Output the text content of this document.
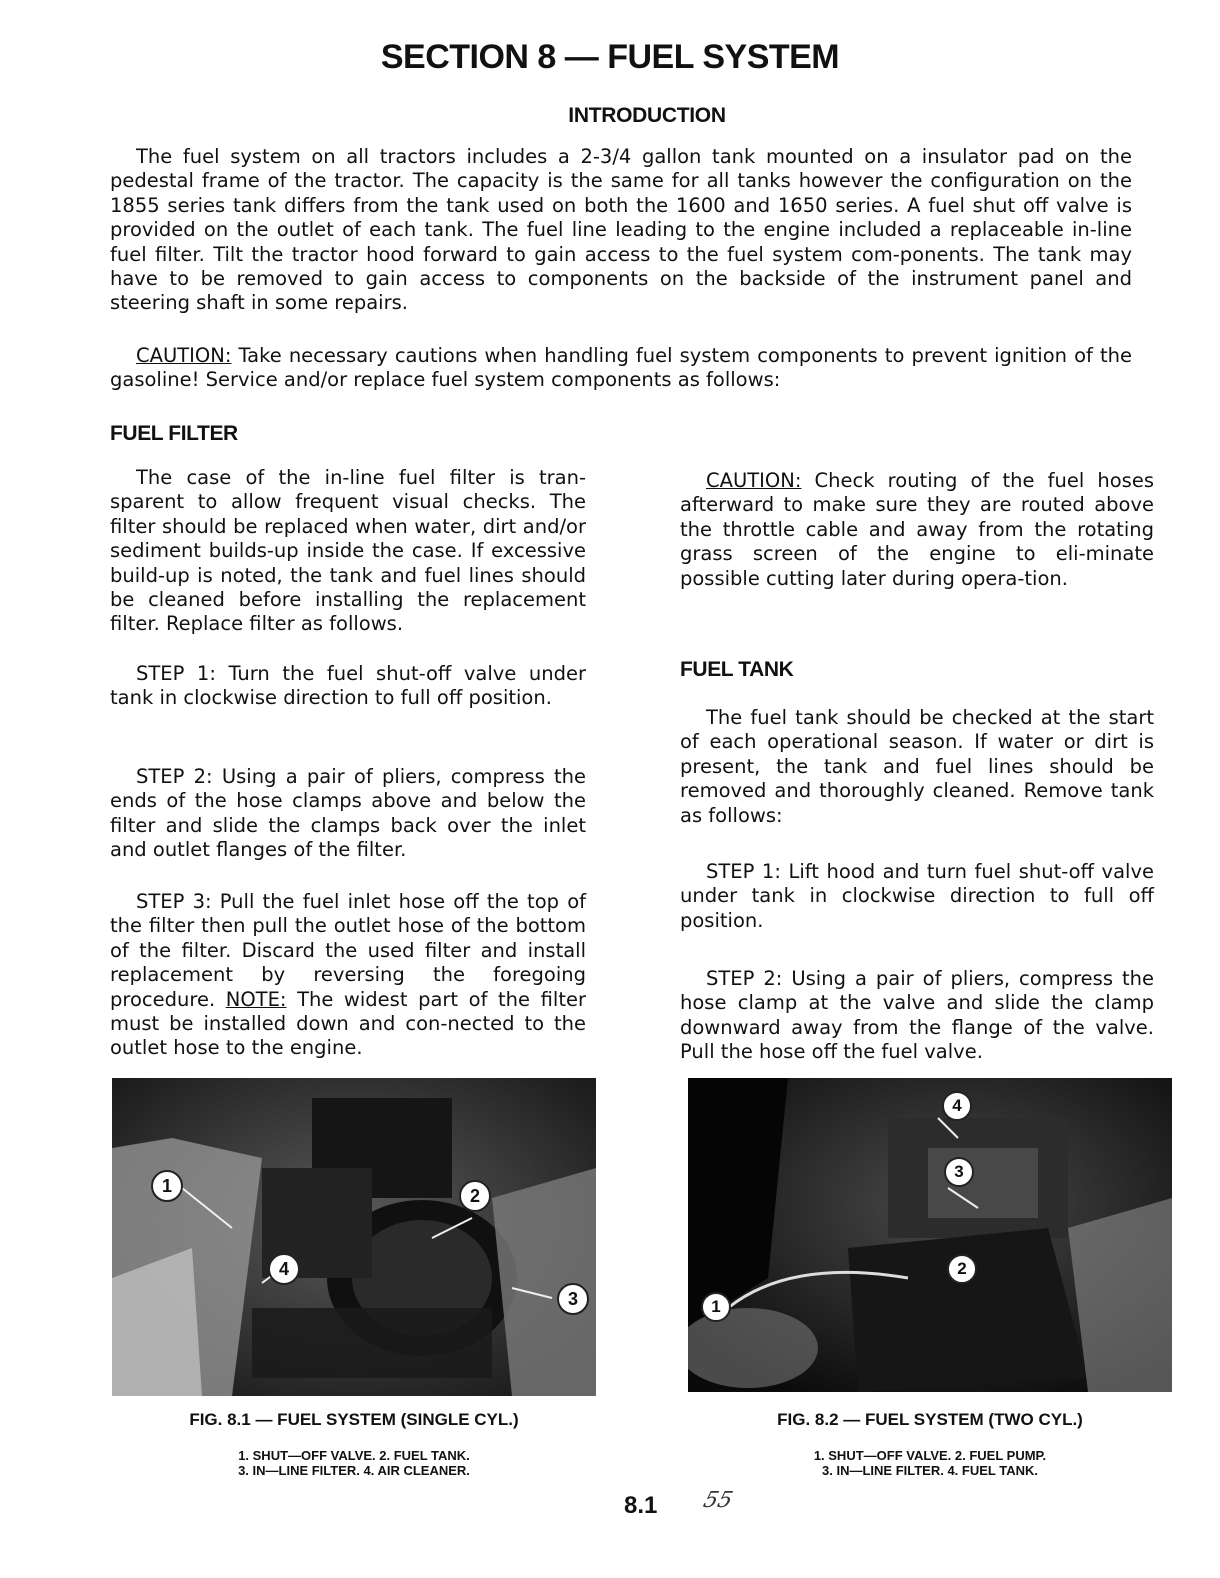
SECTION 8 — FUEL SYSTEM
INTRODUCTION

The fuel system on all tractors includes a 2-3/4 gallon tank mounted on a insulator pad on the pedestal frame of the tractor. The capacity is the same for all tanks however the configuration on the 1855 series tank differs from the tank used on both the 1600 and 1650 series. A fuel shut off valve is provided on the outlet of each tank. The fuel line leading to the engine included a replaceable in-line fuel filter. Tilt the tractor hood forward to gain access to the fuel system com-ponents. The tank may have to be removed to gain access to components on the backside of the instrument panel and steering shaft in some repairs.

CAUTION: Take necessary cautions when handling fuel system components to prevent ignition of the gasoline! Service and/or replace fuel system components as follows:

FUEL FILTER

The case of the in-line fuel filter is tran-sparent to allow frequent visual checks. The filter should be replaced when water, dirt and/or sediment builds-up inside the case. If excessive build-up is noted, the tank and fuel lines should be cleaned before installing the replacement filter. Replace filter as follows.

STEP 1: Turn the fuel shut-off valve under tank in clockwise direction to full off position.

STEP 2: Using a pair of pliers, compress the ends of the hose clamps above and below the filter and slide the clamps back over the inlet and outlet flanges of the filter.

STEP 3: Pull the fuel inlet hose off the top of the filter then pull the outlet hose of the bottom of the filter. Discard the used filter and install replacement by reversing the foregoing procedure. NOTE: The widest part of the filter must be installed down and con-nected to the outlet hose to the engine.

CAUTION: Check routing of the fuel hoses afterward to make sure they are routed above the throttle cable and away from the rotating grass screen of the engine to eli-minate possible cutting later during opera-tion.

FUEL TANK

The fuel tank should be checked at the start of each operational season. If water or dirt is present, the tank and fuel lines should be removed and thoroughly cleaned. Remove tank as follows:

STEP 1: Lift hood and turn fuel shut-off valve under tank in clockwise direction to full off position.

STEP 2: Using a pair of pliers, compress the hose clamp at the valve and slide the clamp downward away from the flange of the valve. Pull the hose off the fuel valve.

1	2
3
4
1
2
3
4

FIG. 8.1 — FUEL SYSTEM (SINGLE CYL.)

1. SHUT—OFF VALVE. 2. FUEL TANK.

3. IN—LINE FILTER. 4. AIR CLEANER.

FIG. 8.2 — FUEL SYSTEM (TWO CYL.)

1. SHUT—OFF VALVE. 2. FUEL PUMP.

3. IN—LINE FILTER. 4. FUEL TANK.

8.1 55
